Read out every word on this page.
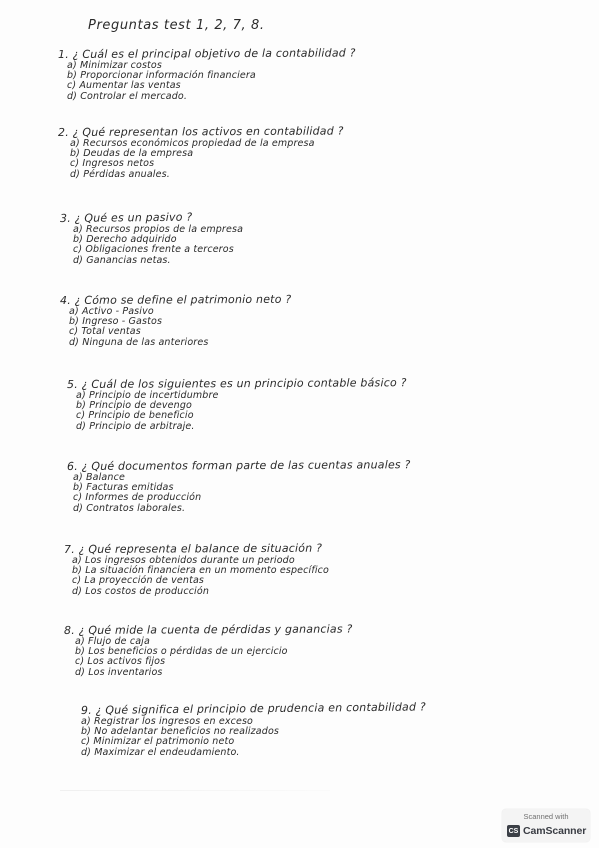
Preguntas test 1, 2, 7, 8.
1. ¿ Cuál es el principal objetivo de la contabilidad ?
a) Minimizar costos
b) Proporcionar información financiera
c) Aumentar las ventas
d) Controlar el mercado.
2. ¿ Qué representan los activos en contabilidad ?
a) Recursos económicos propiedad de la empresa
b) Deudas de la empresa
c) Ingresos netos
d) Pérdidas anuales.
3. ¿ Qué es un pasivo ?
a) Recursos propios de la empresa
b) Derecho adquirido
c) Obligaciones frente a terceros
d) Ganancias netas.
4. ¿ Cómo se define el patrimonio neto ?
a) Activo - Pasivo
b) Ingreso - Gastos
c) Total ventas
d) Ninguna de las anteriores
5. ¿ Cuál de los siguientes es un principio contable básico ?
a) Principio de incertidumbre
b) Principio de devengo
c) Principio de beneficio
d) Principio de arbitraje.
6. ¿ Qué documentos forman parte de las cuentas anuales ?
a) Balance
b) Facturas emitidas
c) Informes de producción
d) Contratos laborales.
7. ¿ Qué representa el balance de situación ?
a) Los ingresos obtenidos durante un periodo
b) La situación financiera en un momento específico
c) La proyección de ventas
d) Los costos de producción
8. ¿ Qué mide la cuenta de pérdidas y ganancias ?
a) Flujo de caja
b) Los beneficios o pérdidas de un ejercicio
c) Los activos fijos
d) Los inventarios
9. ¿ Qué significa el principio de prudencia en contabilidad ?
a) Registrar los ingresos en exceso
b) No adelantar beneficios no realizados
c) Minimizar el patrimonio neto
d) Maximizar el endeudamiento.
Scanned with
CS CamScanner
